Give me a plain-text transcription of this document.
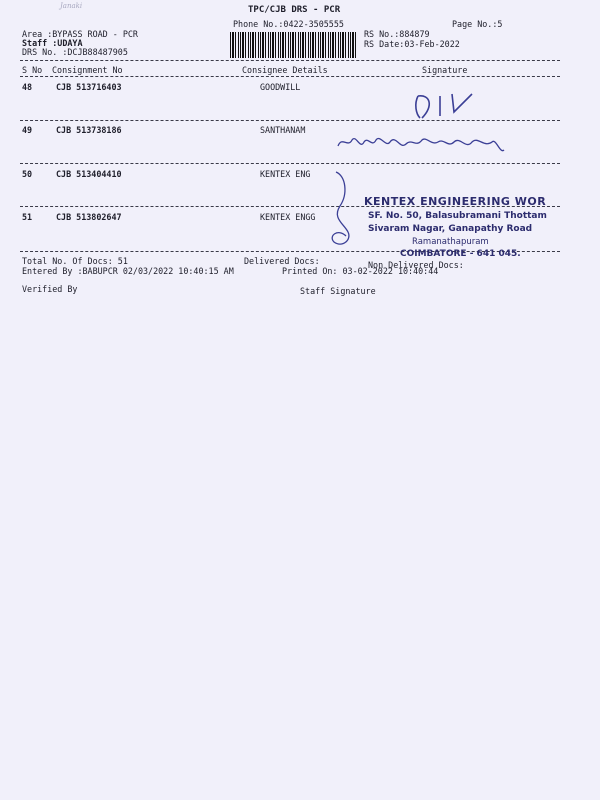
Janaki	TPC/CJB DRS - PCR
Phone No.:0422-3505555	Page No.:5
Area :BYPASS ROAD - PCR
Staff :UDAYA
DRS No. :DCJB88487905
RS No.:884879
RS Date:03-Feb-2022
S No Consignment No	Consignee Details	Signature
48	CJB 513716403	GOODWILL
49	CJB 513738186	SANTHANAM
50	CJB 513404410	KENTEX ENG
51	CJB 513802647	KENTEX ENGG
KENTEX ENGINEERING WOR
SF. No. 50, Balasubramani Thottam
Sivaram Nagar, Ganapathy Road
Ramanathapuram
COIMBATORE - 641 045.
Total No. Of Docs: 51	Delivered Docs:	Non Delivered Docs:
Entered By :BABUPCR 02/03/2022 10:40:15 AM	Printed On: 03-02-2022 10:40:44
Verified By	Staff Signature
